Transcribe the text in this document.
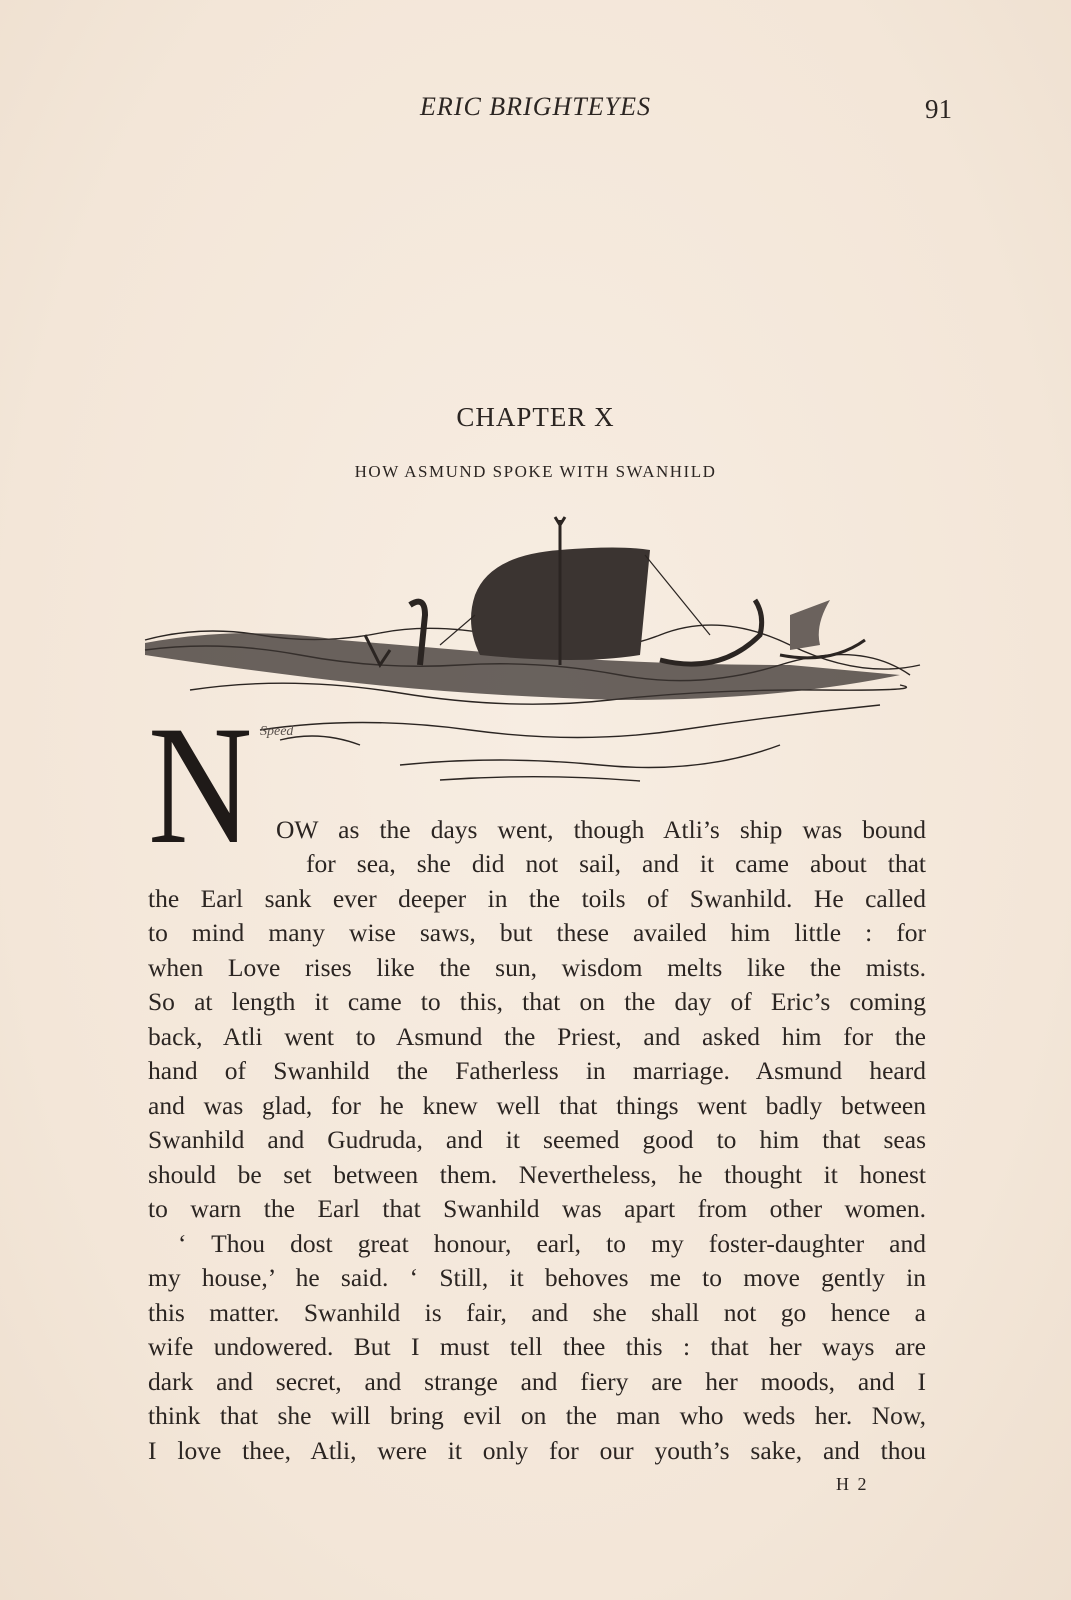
ERIC BRIGHTEYES	91
CHAPTER X
HOW ASMUND SPOKE WITH SWANHILD
Speed
N OW as the days went, though Atli’s ship was bound
for sea, she did not sail, and it came about that
the Earl sank ever deeper in the toils of Swanhild. He called
to mind many wise saws, but these availed him little : for
when Love rises like the sun, wisdom melts like the mists.
So at length it came to this, that on the day of Eric’s coming
back, Atli went to Asmund the Priest, and asked him for the
hand of Swanhild the Fatherless in marriage. Asmund heard
and was glad, for he knew well that things went badly between
Swanhild and Gudruda, and it seemed good to him that seas
should be set between them. Nevertheless, he thought it honest
to warn the Earl that Swanhild was apart from other women.
‘ Thou dost great honour, earl, to my foster-daughter and
my house,’ he said. ‘ Still, it behoves me to move gently in
this matter. Swanhild is fair, and she shall not go hence a
wife undowered. But I must tell thee this : that her ways are
dark and secret, and strange and fiery are her moods, and I
think that she will bring evil on the man who weds her. Now,
I love thee, Atli, were it only for our youth’s sake, and thou
H 2
